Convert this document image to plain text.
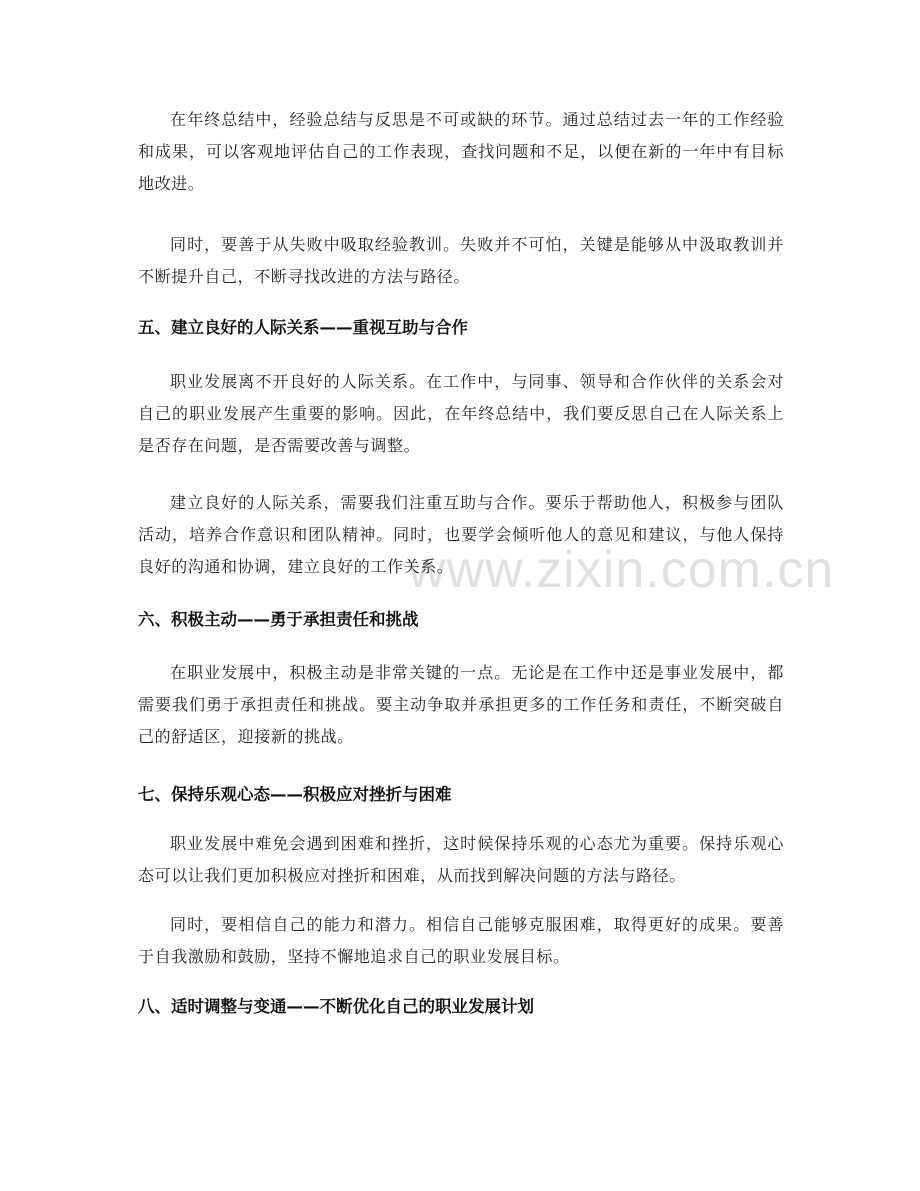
在年终总结中，经验总结与反思是不可或缺的环节。通过总结过去一年的工作经验和成果，可以客观地评估自己的工作表现，查找问题和不足，以便在新的一年中有目标地改进。

同时，要善于从失败中吸取经验教训。失败并不可怕，关键是能够从中汲取教训并不断提升自己，不断寻找改进的方法与路径。

五、建立良好的人际关系——重视互助与合作

职业发展离不开良好的人际关系。在工作中，与同事、领导和合作伙伴的关系会对自己的职业发展产生重要的影响。因此，在年终总结中，我们要反思自己在人际关系上是否存在问题，是否需要改善与调整。

建立良好的人际关系，需要我们注重互助与合作。要乐于帮助他人，积极参与团队活动，培养合作意识和团队精神。同时，也要学会倾听他人的意见和建议，与他人保持良好的沟通和协调，建立良好的工作关系。

六、积极主动——勇于承担责任和挑战

在职业发展中，积极主动是非常关键的一点。无论是在工作中还是事业发展中，都需要我们勇于承担责任和挑战。要主动争取并承担更多的工作任务和责任，不断突破自己的舒适区，迎接新的挑战。

七、保持乐观心态——积极应对挫折与困难

职业发展中难免会遇到困难和挫折，这时候保持乐观的心态尤为重要。保持乐观心态可以让我们更加积极应对挫折和困难，从而找到解决问题的方法与路径。

同时，要相信自己的能力和潜力。相信自己能够克服困难，取得更好的成果。要善于自我激励和鼓励，坚持不懈地追求自己的职业发展目标。

八、适时调整与变通——不断优化自己的职业发展计划
www.zixin.com.cn
